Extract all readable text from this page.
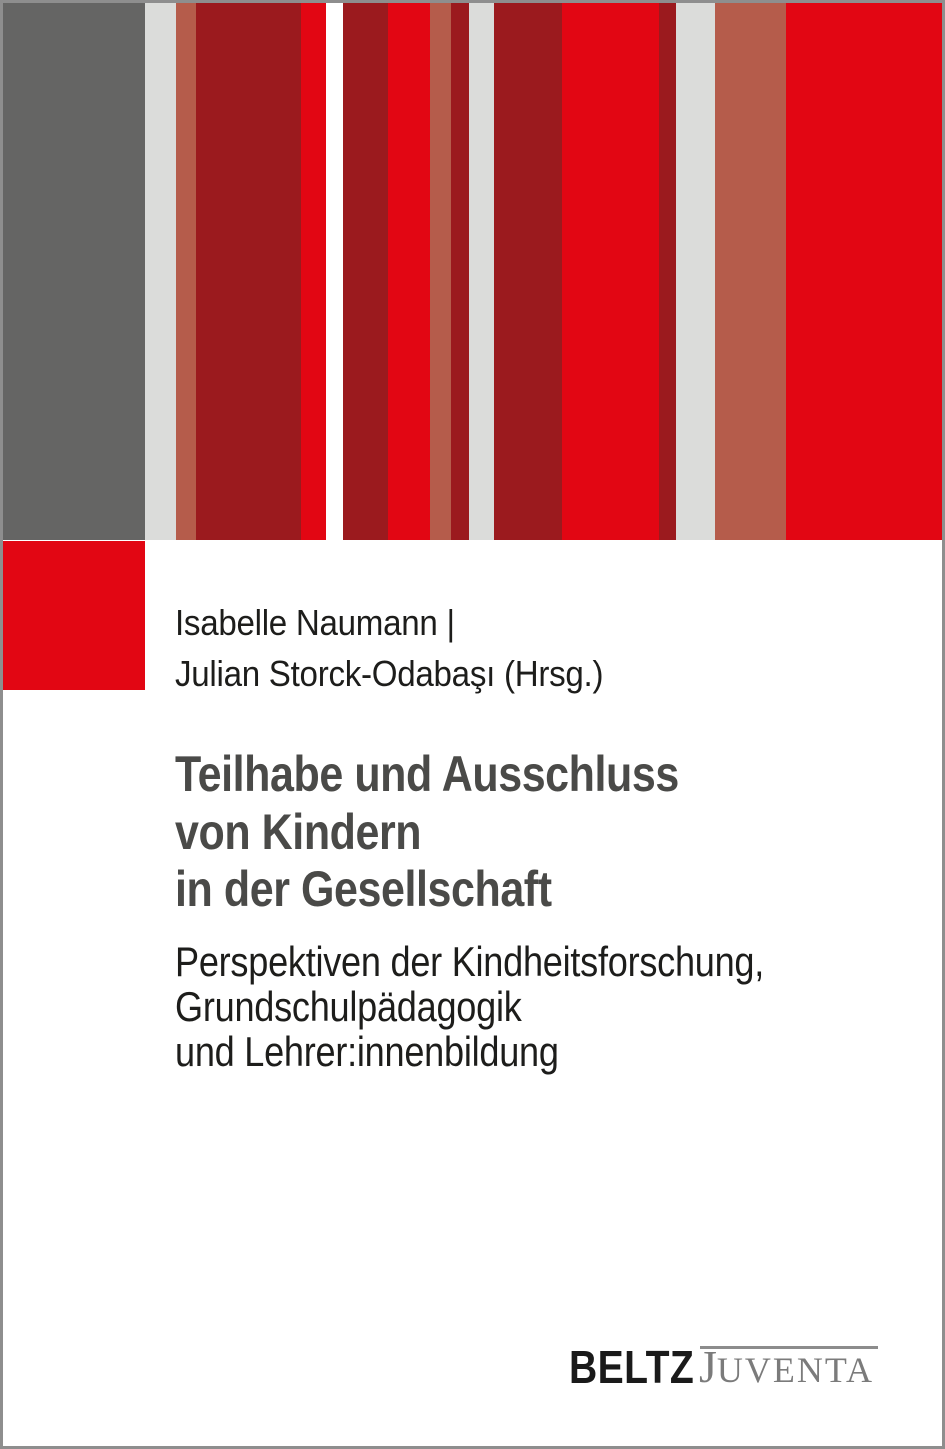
Isabelle Naumann |
Julian Storck-Odabaşı (Hrsg.)
Teilhabe und Ausschluss
von Kindern
in der Gesellschaft
Perspektiven der Kindheitsforschung,
Grundschulpädagogik
und Lehrer:innenbildung
BELTZ JUVENTA
